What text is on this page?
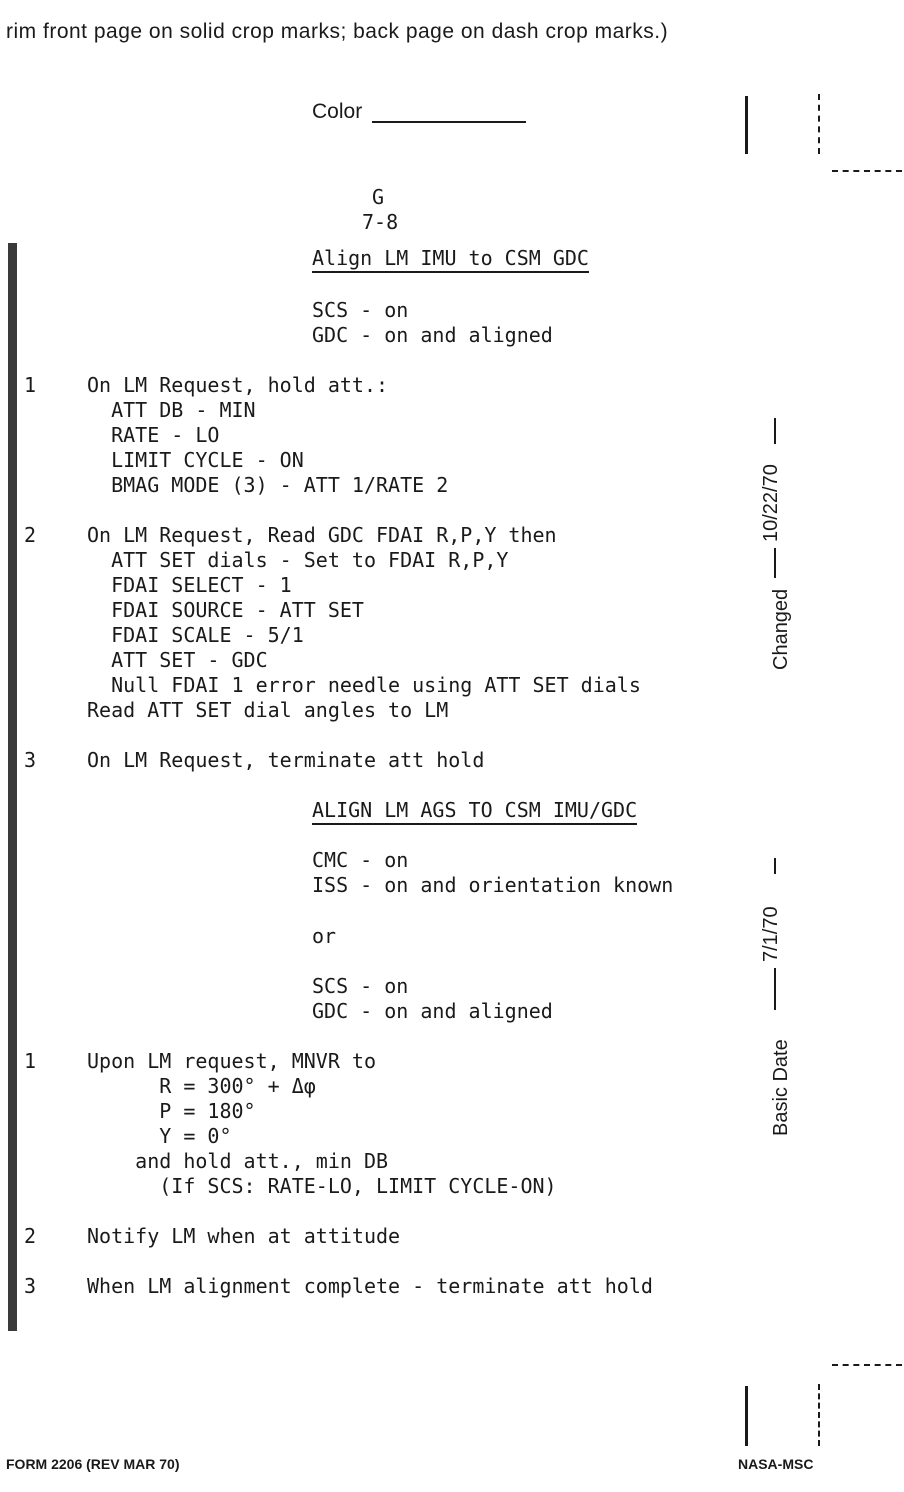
rim front page on solid crop marks; back page on dash crop marks.)
Color
G
7-8
Align LM IMU to CSM GDC
SCS - on
GDC - on and aligned
1	On LM Request, hold att.:
ATT DB - MIN
RATE - LO
LIMIT CYCLE - ON
BMAG MODE (3) - ATT 1/RATE 2
2	On LM Request, Read GDC FDAI R,P,Y then
ATT SET dials - Set to FDAI R,P,Y
FDAI SELECT - 1
FDAI SOURCE - ATT SET
FDAI SCALE - 5/1
ATT SET - GDC
Null FDAI 1 error needle using ATT SET dials
Read ATT SET dial angles to LM
3	On LM Request, terminate att hold
ALIGN LM AGS TO CSM IMU/GDC
CMC - on
ISS - on and orientation known
or
SCS - on
GDC - on and aligned
1	Upon LM request, MNVR to
R = 300° + Δφ
P = 180°
Y = 0°
and hold att., min DB
(If SCS: RATE-LO, LIMIT CYCLE-ON)
2	Notify LM when at attitude
3	When LM alignment complete - terminate att hold
Changed
10/22/70
Basic Date
7/1/70
FORM 2206 (REV MAR 70)	NASA-MSC
